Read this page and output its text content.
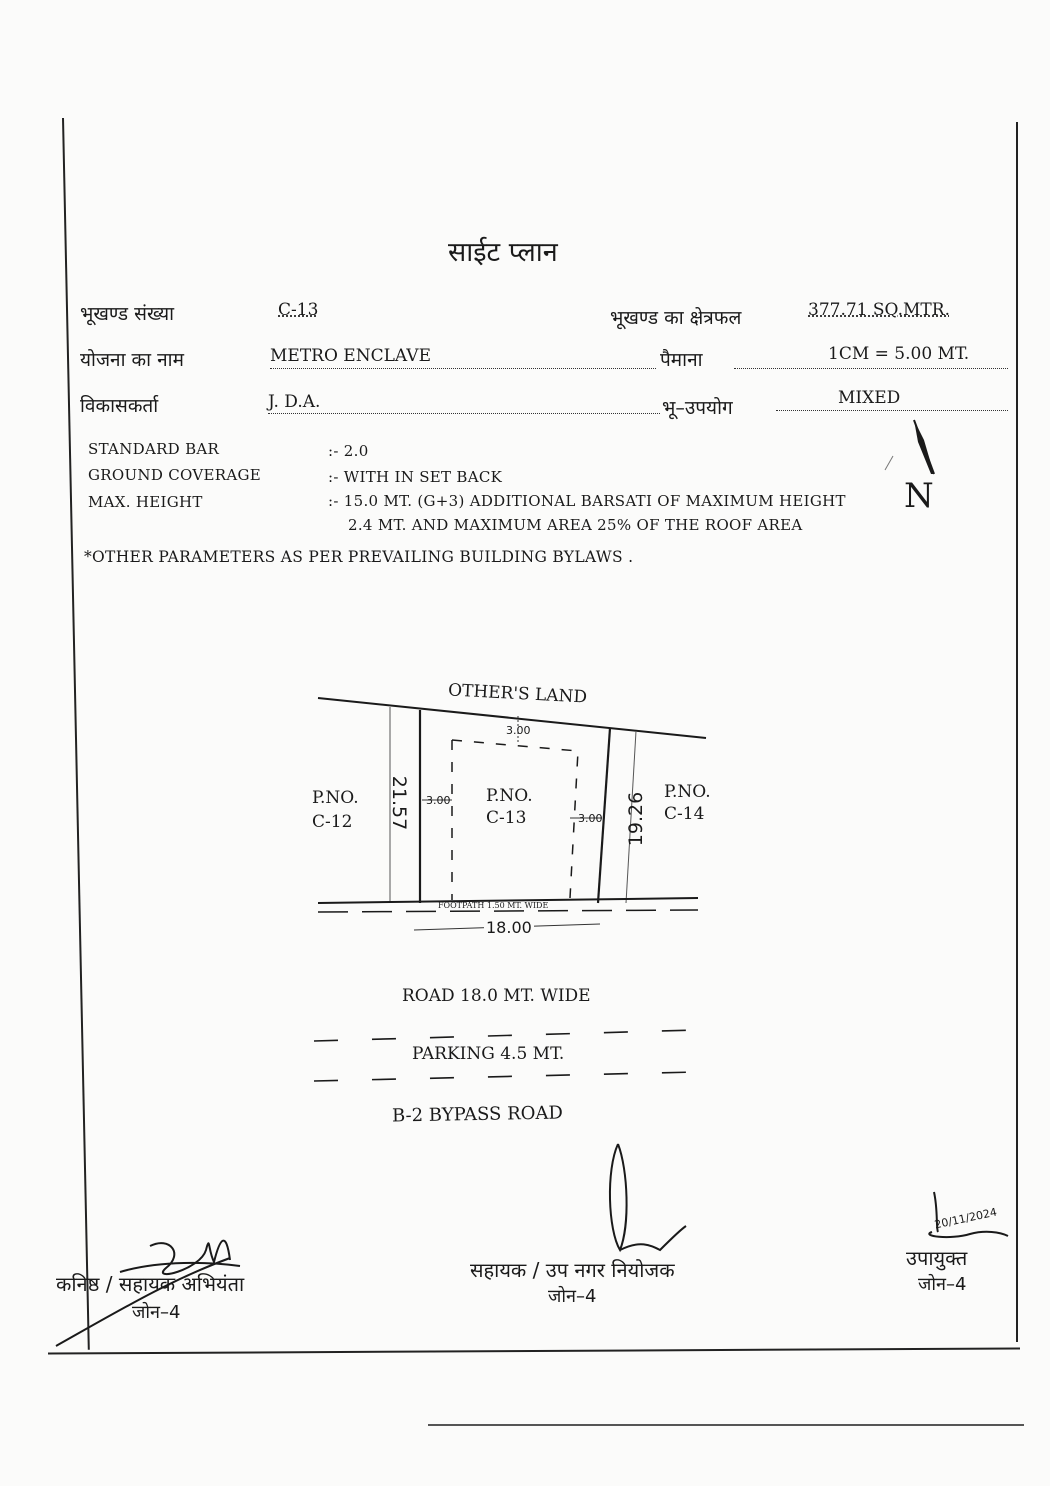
साईट प्लान
भूखण्ड संख्या	C-13	भूखण्ड का क्षेत्रफल	377.71 SQ.MTR.
योजना का नाम	METRO ENCLAVE	पैमाना	1CM = 5.00 MT.
विकासकर्ता	J. D.A.	भू–उपयोग	MIXED
STANDARD BAR	:- 2.0
GROUND COVERAGE	:- WITH IN SET BACK
MAX. HEIGHT	:- 15.0 MT. (G+3) ADDITIONAL BARSATI OF MAXIMUM HEIGHT
2.4 MT. AND MAXIMUM AREA 25% OF THE ROOF AREA
*OTHER PARAMETERS AS PER PREVAILING BUILDING BYLAWS .
N
OTHER'S LAND
3.00
3.00
3.00
P.NO.
C-12
P.NO.
C-13
P.NO.
C-14
21.57	19.26
FOOTPATH 1.50 MT. WIDE
18.00
ROAD 18.0 MT. WIDE
PARKING 4.5 MT.
B-2 BYPASS ROAD
कनिष्ठ / सहायक अभियंता
जोन–4
सहायक / उप नगर नियोजक
जोन–4
20/11/2024
उपायुक्त
जोन–4
